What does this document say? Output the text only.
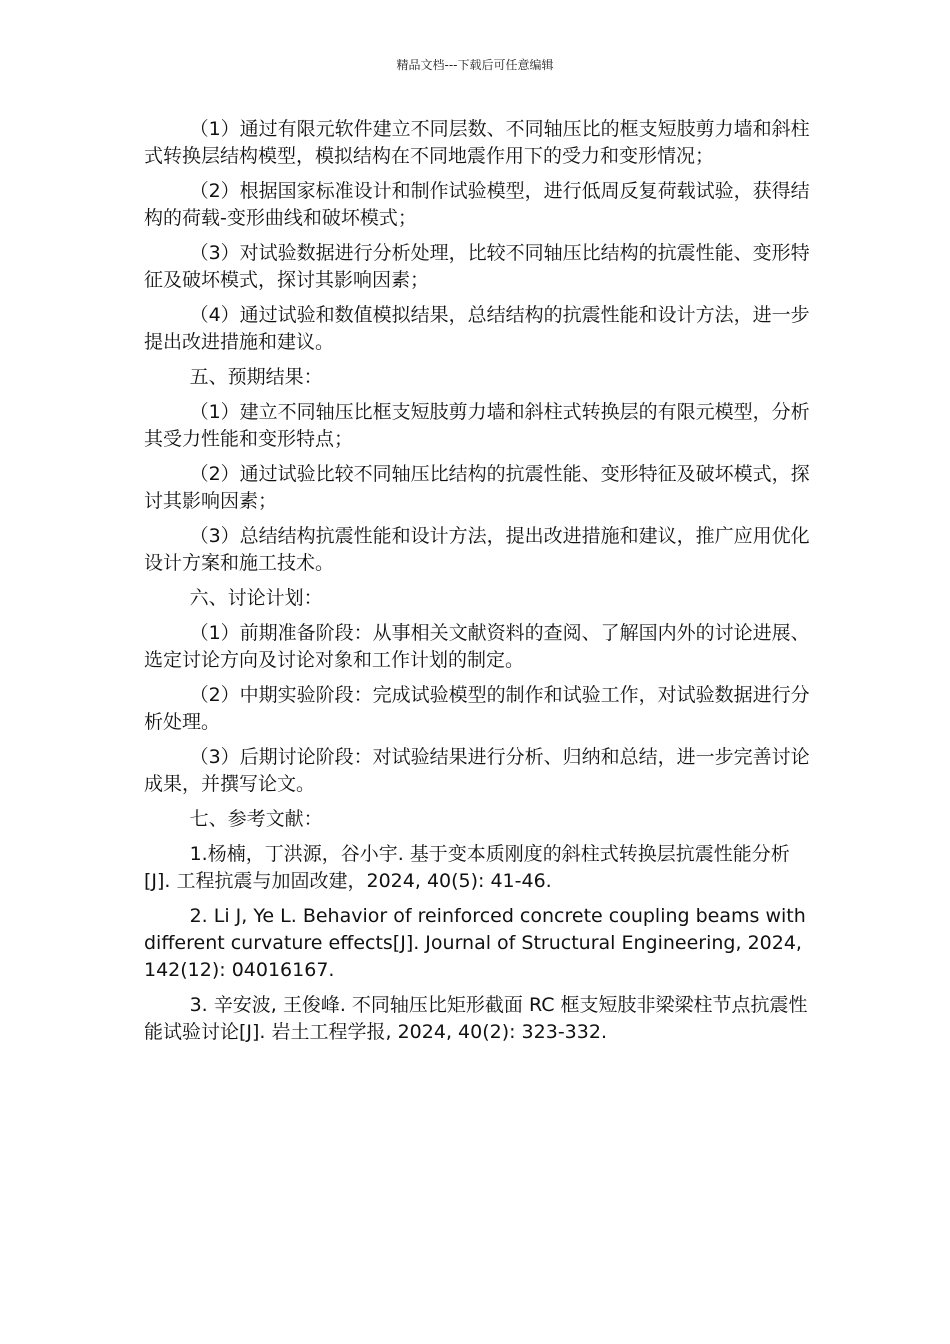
精品文档---下载后可任意编辑

（1）通过有限元软件建立不同层数、不同轴压比的框支短肢剪力墙和斜柱式转换层结构模型，模拟结构在不同地震作用下的受力和变形情况；

（2）根据国家标准设计和制作试验模型，进行低周反复荷载试验，获得结构的荷载-变形曲线和破坏模式；

（3）对试验数据进行分析处理，比较不同轴压比结构的抗震性能、变形特征及破坏模式，探讨其影响因素；

（4）通过试验和数值模拟结果，总结结构的抗震性能和设计方法，进一步提出改进措施和建议。

五、预期结果：

（1）建立不同轴压比框支短肢剪力墙和斜柱式转换层的有限元模型，分析其受力性能和变形特点；

（2）通过试验比较不同轴压比结构的抗震性能、变形特征及破坏模式，探讨其影响因素；

（3）总结结构抗震性能和设计方法，提出改进措施和建议，推广应用优化设计方案和施工技术。

六、讨论计划：

（1）前期准备阶段：从事相关文献资料的查阅、了解国内外的讨论进展、选定讨论方向及讨论对象和工作计划的制定。

（2）中期实验阶段：完成试验模型的制作和试验工作，对试验数据进行分析处理。

（3）后期讨论阶段：对试验结果进行分析、归纳和总结，进一步完善讨论成果，并撰写论文。

七、参考文献：

1.杨楠，丁洪源，谷小宇. 基于变本质刚度的斜柱式转换层抗震性能分析[J]. 工程抗震与加固改建，2024, 40(5): 41-46.

2. Li J, Ye L. Behavior of reinforced concrete coupling beams with different curvature effects[J]. Journal of Structural Engineering, 2024, 142(12): 04016167.

3. 辛安波, 王俊峰. 不同轴压比矩形截面 RC 框支短肢非梁梁柱节点抗震性能试验讨论[J]. 岩土工程学报, 2024, 40(2): 323-332.
